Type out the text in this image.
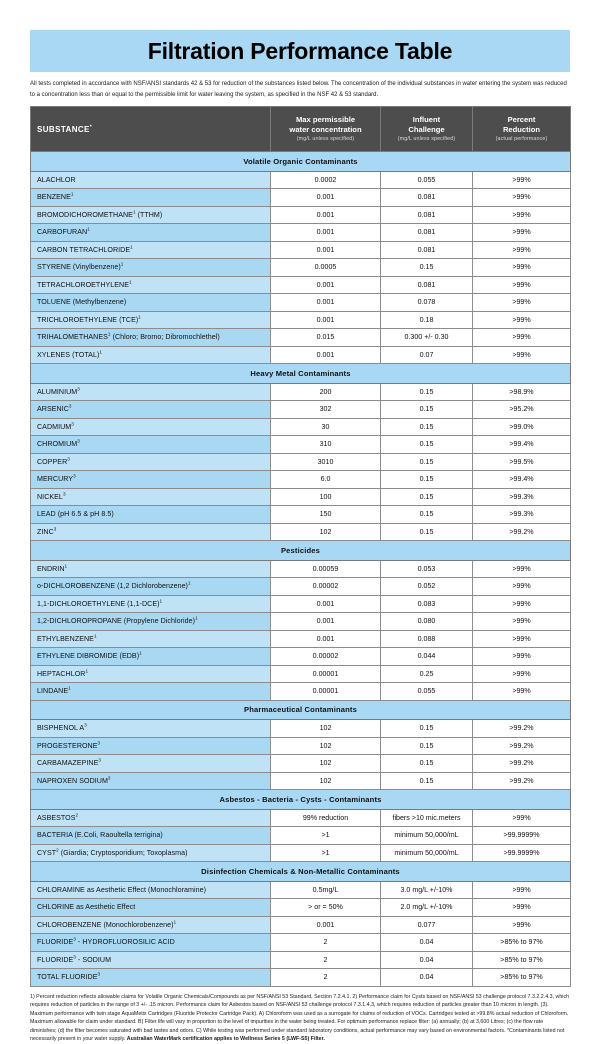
Filtration Performance Table

All tests completed in accordance with NSF/ANSI standards 42 & 53 for reduction of the substances listed below. The concentration of the individual substances in water entering the system was reduced to a concentration less than or equal to the permissible limit for water leaving the system, as specified in the NSF 42 & 53 standard.

SUBSTANCE*	Max permissible
water concentration
(mg/L unless specified)	Influent
Challenge
(mg/L unless specified)	Percent
Reduction
(actual performance)

Volatile Organic Contaminants			
ALACHLOR	0.0002	0.055	>99%
BENZENE$^1$	0.001	0.081	>99%
BROMODICHOROMETHANE$^1$ (TTHM)	0.001	0.081	>99%
CARBOFURAN$^1$	0.001	0.081	>99%
CARBON TETRACHLORIDE$^1$	0.001	0.081	>99%
STYRENE (Vinylbenzene)$^1$	0.0005	0.15	>99%
TETRACHLOROETHYLENE$^1$	0.001	0.081	>99%
TOLUENE (Methylbenzene)	0.001	0.078	>99%
TRICHLOROETHYLENE (TCE)$^1$	0.001	0.18	>99%
TRIHALOMETHANES$^1$ (Chloro; Bromo; Dibromochlethel)	0.015	0.300 +/- 0.30	>99%
XYLENES (TOTAL)$^1$	0.001	0.07	>99%
Heavy Metal Contaminants			
ALUMINIUM$^3$	200	0.15	>98.9%
ARSENIC$^3$	302	0.15	>95.2%
CADMIUM$^3$	30	0.15	>99.0%
CHROMIUM$^3$	310	0.15	>99.4%
COPPER$^3$	3010	0.15	>99.5%
MERCURY$^3$	6.0	0.15	>99.4%
NICKEL$^3$	100	0.15	>99.3%
LEAD (pH 6.5 & pH 8.5)	150	0.15	>99.3%
ZINC$^3$	102	0.15	>99.2%
Pesticides			
ENDRIN$^1$	0.00059	0.053	>99%
o-DICHLOROBENZENE (1,2 Dichlorobenzene)$^1$	0.00002	0.052	>99%
1,1-DICHLOROETHYLENE $(1,1-DCE)^1$	0.001	0.083	>99%
1,2-DICHLOROPROPANE (Propylene Dichloride)$^1$	0.001	0.080	>99%
ETHYLBENZENE$^1$	0.001	0.088	>99%
ETHYLENE DIBROMIDE (EDB)$^1$	0.00002	0.044	>99%
HEPTACHLOR$^1$	0.00001	0.25	>99%
LINDANE$^1$	0.00001	0.055	>99%
Pharmaceutical Contaminants			
BISPHENOL $A^3$	102	0.15	>99.2%
PROGESTERONE$^3$	102	0.15	>99.2%
CARBAMAZEPINE$^3$	102	0.15	>99.2%
NAPROXEN SODIUM$^3$	102	0.15	>99.2%
Asbestos - Bacteria - Cysts - Contaminants			
ASBESTOS$^2$	99% reduction	fibers >10 mic.meters	>99%
BACTERIA (E.Coli, Raoultella terrigina)	>1	minimum 50,000/mL	>99.9999%
CYST$^2$ (Giardia; Cryptosporidium; Toxoplasma)	>1	minimum 50,000/mL	>99.9999%
Disinfection Chemicals & Non-Metallic Contaminants			
CHLORAMINE as Aesthetic Effect (Monochloramine)	0.5mg/L	3.0 mg/L +/-10%	>99%
CHLORINE as Aesthetic Effect	> or = 50%	2.0 mg/L +/-10%	>99%
CHLOROBENZENE (Monochlorobenzene)$^1$	0.001	0.077	>99%
FLUORIDE$^3$ - HYDROFLUOROSILIC ACID	2	0.04	>85% to 97%
FLUORIDE$^3$ - SODIUM	2	0.04	>85% to 97%
TOTAL FLUORIDE$^3$	2	0.04	>85% to 97%

1) Percent reduction reflects allowable claims for Volatile Organic Chemicals/Compounds as per NSF/ANSI 53 Standard, Section 7.2.4.1. 2) Performance claim for Cysts based on NSF/ANSI 53 challenge protocol 7.3.2.2.4.3, which requires reduction of particles in the range of 3 +/- .15 micron. Performance claim for Asbestos based on NSF/ANSI 53 challenge protocol 7.3.1.4.3, which requires reduction of particles greater than 10 micron in length. (3). Maximum performance with twin stage AquaMetix Cartridges (Fluoride Protector Cartridge Pack). A) Chloroform was used as a surrogate for claims of reduction of VOCs. Cartridges tested at >99.8% actual reduction of Chloroform. Maximum allowable for claim under standard. B) Filter life will vary in proportion to the level of impurities in the water being treated. For optimum performance replace filter: (a) annually; (b) at 3,600 Litres; (c) the flow rate diminishes; (d) the filter becomes saturated with bad tastes and odors. C) While testing was performed under standard laboratory conditions, actual performance may vary based on environmental factors. *Contaminants listed not necessarily present in your water supply. Australian WaterMark certification applies to Wellness Series 5 (LWF-S5) Filter.
